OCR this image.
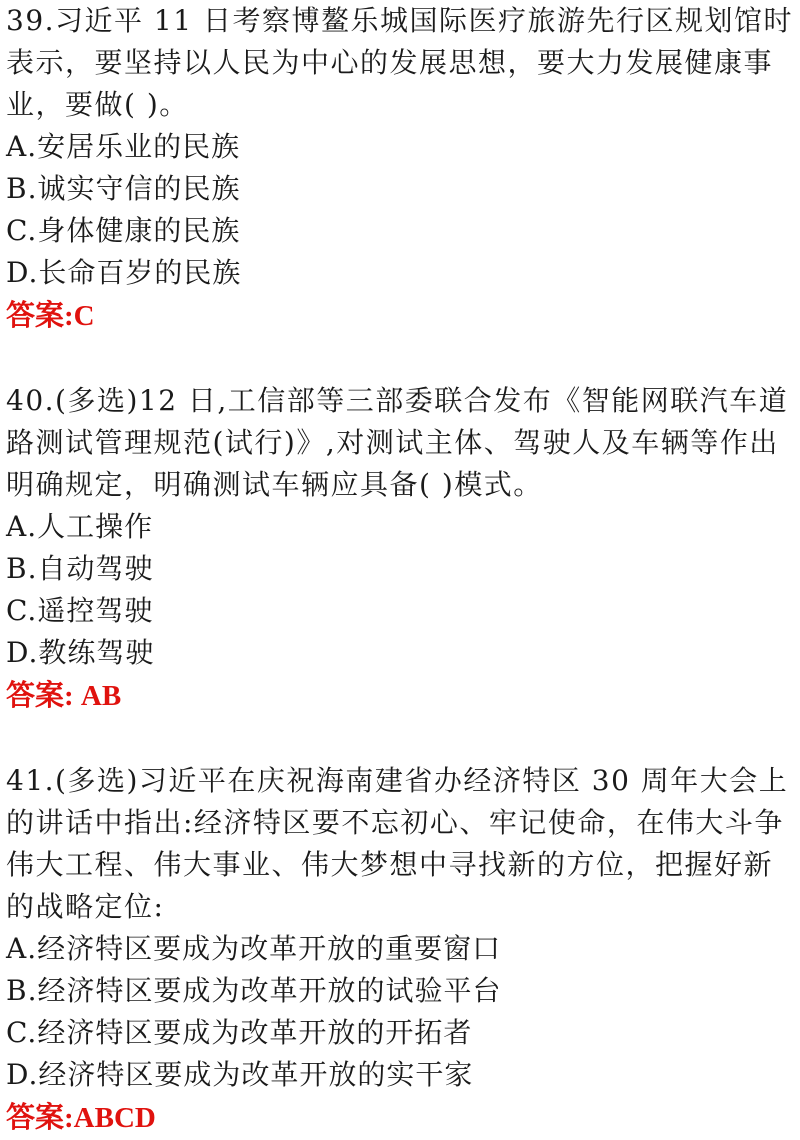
39.习近平 11 日考察博鳌乐城国际医疗旅游先行区规划馆时
表示，要坚持以人民为中心的发展思想，要大力发展健康事
业，要做( )。
A.安居乐业的民族
B.诚实守信的民族
C.身体健康的民族
D.长命百岁的民族
答案:C
40.(多选)12 日,工信部等三部委联合发布《智能网联汽车道
路测试管理规范(试行)》,对测试主体、驾驶人及车辆等作出
明确规定，明确测试车辆应具备( )模式。
A.人工操作
B.自动驾驶
C.遥控驾驶
D.教练驾驶
答案: AB
41.(多选)习近平在庆祝海南建省办经济特区 30 周年大会上
的讲话中指出:经济特区要不忘初心、牢记使命，在伟大斗争
伟大工程、伟大事业、伟大梦想中寻找新的方位，把握好新
的战略定位:
A.经济特区要成为改革开放的重要窗口
B.经济特区要成为改革开放的试验平台
C.经济特区要成为改革开放的开拓者
D.经济特区要成为改革开放的实干家
答案:ABCD
